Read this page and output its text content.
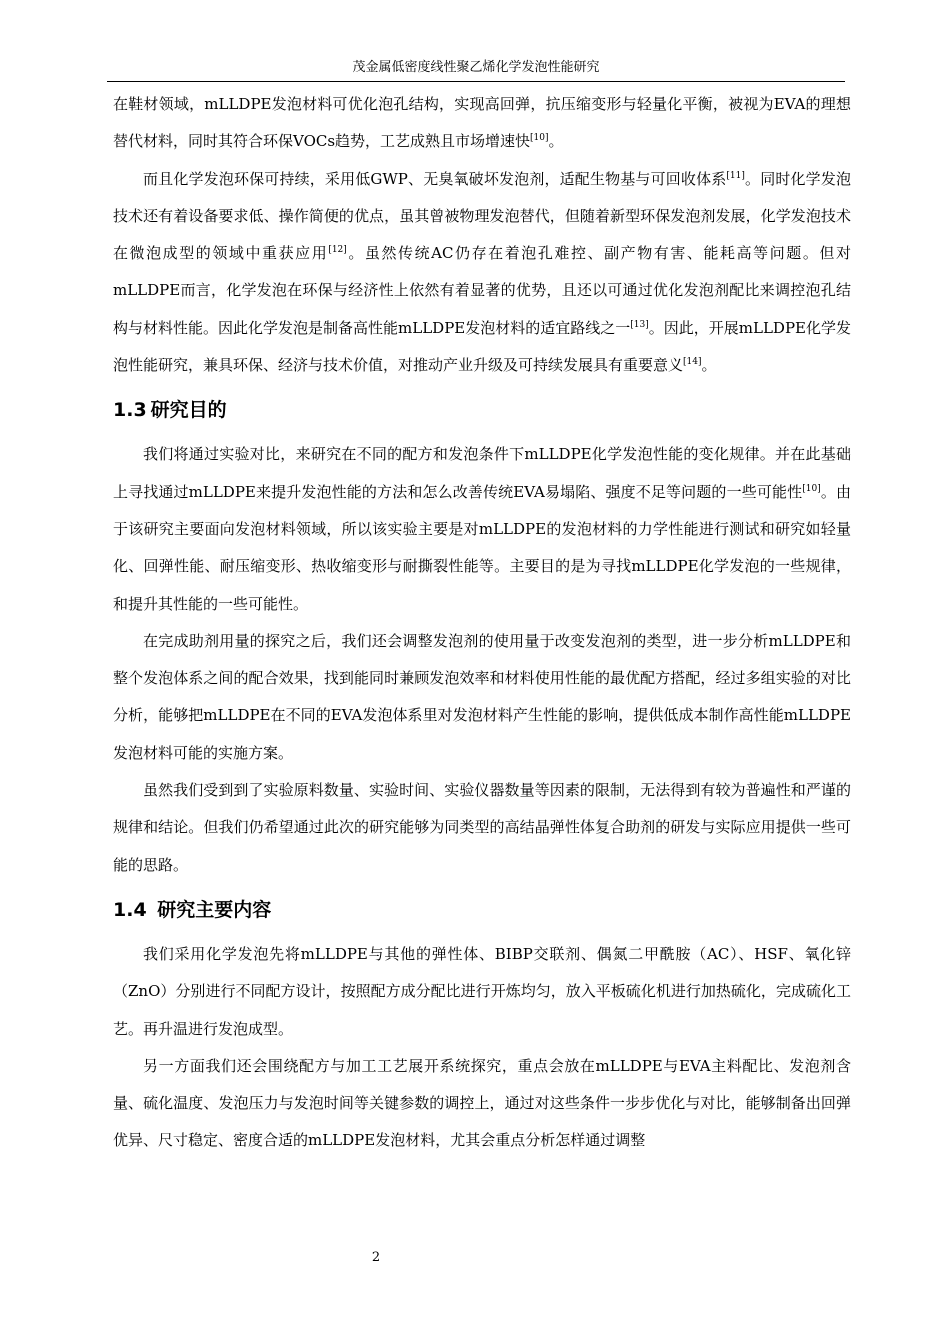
茂金属低密度线性聚乙烯化学发泡性能研究

在鞋材领域，mLLDPE发泡材料可优化泡孔结构，实现高回弹，抗压缩变形与轻量化平衡，被视为EVA的理想替代材料，同时其符合环保VOCs趋势，工艺成熟且市场增速快[10]。

而且化学发泡环保可持续，采用低GWP、无臭氧破坏发泡剂，适配生物基与可回收体系[11]。同时化学发泡技术还有着设备要求低、操作简便的优点，虽其曾被物理发泡替代，但随着新型环保发泡剂发展，化学发泡技术在微泡成型的领域中重获应用[12]。虽然传统AC仍存在着泡孔难控、副产物有害、能耗高等问题。但对mLLDPE而言，化学发泡在环保与经济性上依然有着显著的优势，且还以可通过优化发泡剂配比来调控泡孔结构与材料性能。因此化学发泡是制备高性能mLLDPE发泡材料的适宜路线之一[13]。因此，开展mLLDPE化学发泡性能研究，兼具环保、经济与技术价值，对推动产业升级及可持续发展具有重要意义[14]。

1.3 研究目的

我们将通过实验对比，来研究在不同的配方和发泡条件下mLLDPE化学发泡性能的变化规律。并在此基础上寻找通过mLLDPE来提升发泡性能的方法和怎么改善传统EVA易塌陷、强度不足等问题的一些可能性[10]。由于该研究主要面向发泡材料领域，所以该实验主要是对mLLDPE的发泡材料的力学性能进行测试和研究如轻量化、回弹性能、耐压缩变形、热收缩变形与耐撕裂性能等。主要目的是为寻找mLLDPE化学发泡的一些规律，和提升其性能的一些可能性。

在完成助剂用量的探究之后，我们还会调整发泡剂的使用量于改变发泡剂的类型，进一步分析mLLDPE和整个发泡体系之间的配合效果，找到能同时兼顾发泡效率和材料使用性能的最优配方搭配，经过多组实验的对比分析，能够把mLLDPE在不同的EVA发泡体系里对发泡材料产生性能的影响，提供低成本制作高性能mLLDPE发泡材料可能的实施方案。

虽然我们受到到了实验原料数量、实验时间、实验仪器数量等因素的限制，无法得到有较为普遍性和严谨的规律和结论。但我们仍希望通过此次的研究能够为同类型的高结晶弹性体复合助剂的研发与实际应用提供一些可能的思路。

1.4 研究主要内容

我们采用化学发泡先将mLLDPE与其他的弹性体、BIBP交联剂、偶氮二甲酰胺（AC）、HSF、氧化锌（ZnO）分别进行不同配方设计，按照配方成分配比进行开炼均匀，放入平板硫化机进行加热硫化，完成硫化工艺。再升温进行发泡成型。

另一方面我们还会围绕配方与加工工艺展开系统探究，重点会放在mLLDPE与EVA主料配比、发泡剂含量、硫化温度、发泡压力与发泡时间等关键参数的调控上，通过对这些条件一步步优化与对比，能够制备出回弹优异、尺寸稳定、密度合适的mLLDPE发泡材料，尤其会重点分析怎样通过调整

2
